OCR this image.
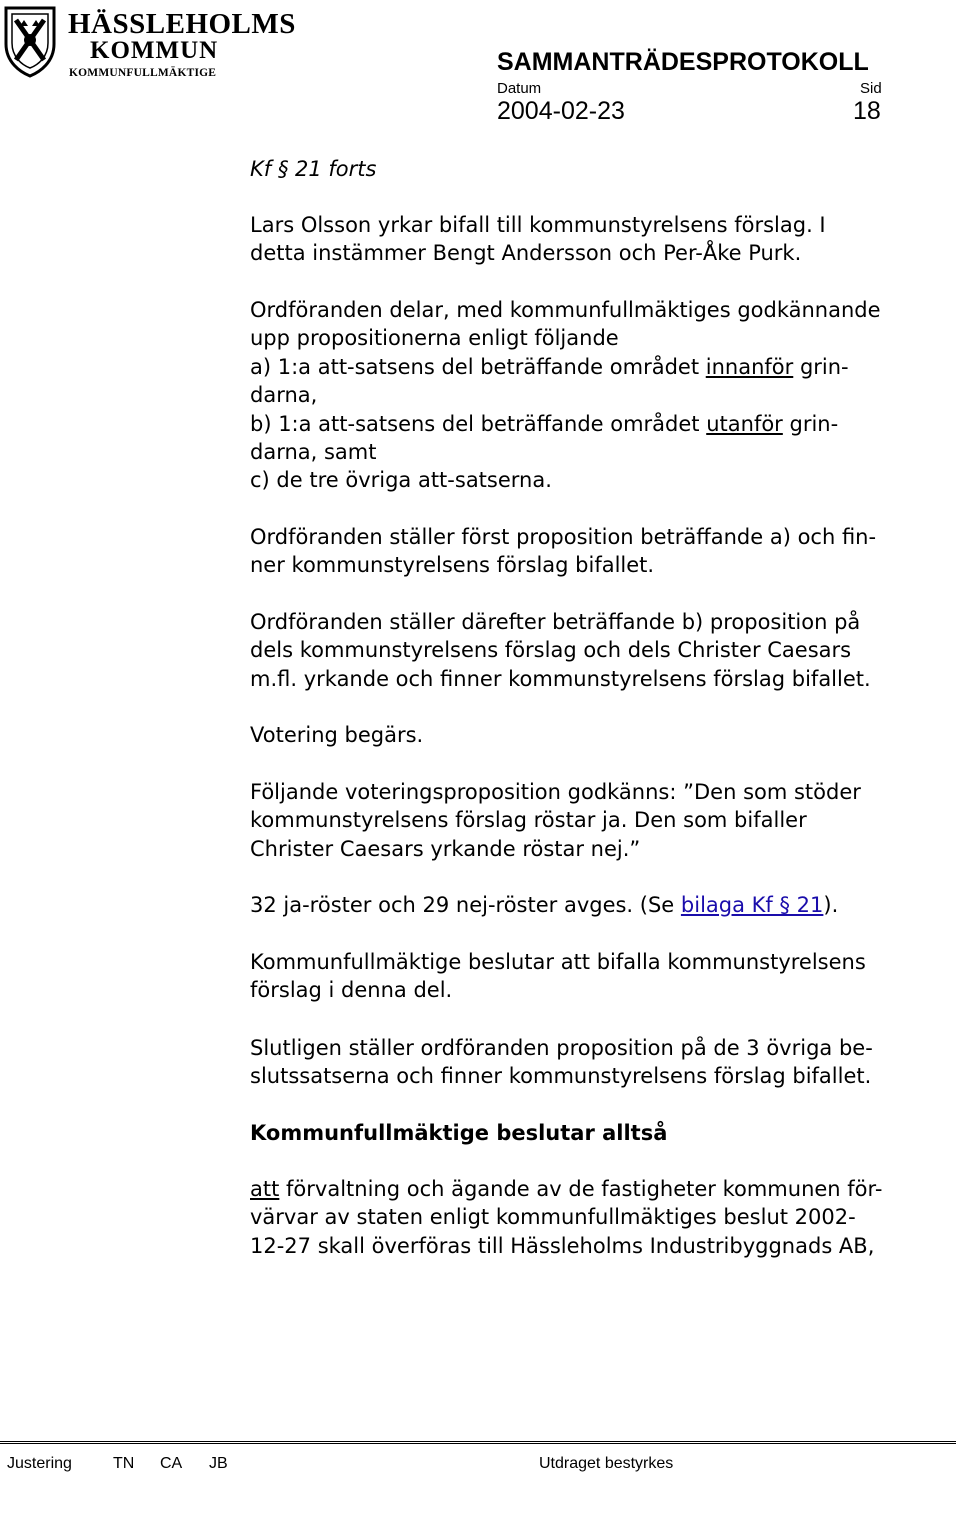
HÄSSLEHOLMS
KOMMUN
KOMMUNFULLMÄKTIGE	SAMMANTRÄDESPROTOKOLL
Datum	Sid
2004-02-23	18
Kf § 21 forts
Lars Olsson yrkar bifall till kommunstyrelsens förslag. I
detta instämmer Bengt Andersson och Per-Åke Purk.
Ordföranden delar, med kommunfullmäktiges godkännande
upp propositionerna enligt följande
a) 1:a att-satsens del beträffande området innanför grin-
darna,
b) 1:a att-satsens del beträffande området utanför grin-
darna, samt
c) de tre övriga att-satserna.
Ordföranden ställer först proposition beträffande a) och fin-
ner kommunstyrelsens förslag bifallet.
Ordföranden ställer därefter beträffande b) proposition på
dels kommunstyrelsens förslag och dels Christer Caesars
m.fl. yrkande och finner kommunstyrelsens förslag bifallet.
Votering begärs.
Följande voteringsproposition godkänns: ”Den som stöder
kommunstyrelsens förslag röstar ja. Den som bifaller
Christer Caesars yrkande röstar nej.”
32 ja-röster och 29 nej-röster avges. (Se bilaga Kf § 21).
Kommunfullmäktige beslutar att bifalla kommunstyrelsens
förslag i denna del.
Slutligen ställer ordföranden proposition på de 3 övriga be-
slutssatserna och finner kommunstyrelsens förslag bifallet.
Kommunfullmäktige beslutar alltså
att förvaltning och ägande av de fastigheter kommunen för-
värvar av staten enligt kommunfullmäktiges beslut 2002-
12-27 skall överföras till Hässleholms Industribyggnads AB,
Justering	TN CA JB	Utdraget bestyrkes
